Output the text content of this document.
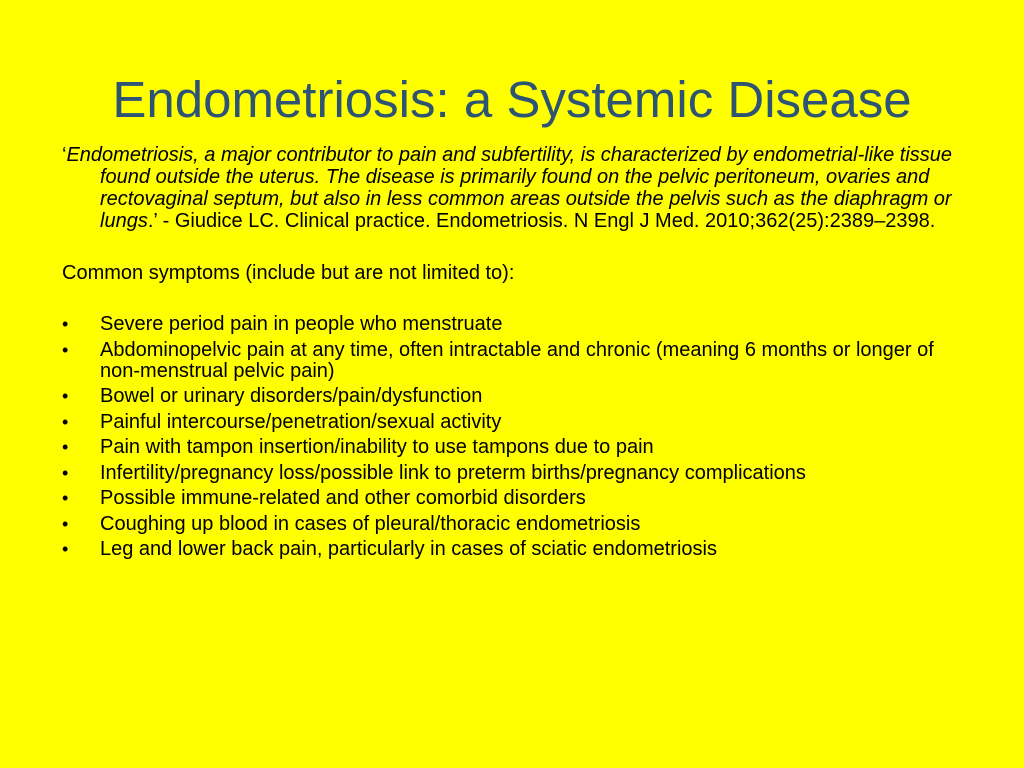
Endometriosis: a Systemic Disease

‘Endometriosis, a major contributor to pain and subfertility, is characterized by endometrial-like tissue found outside the uterus. The disease is primarily found on the pelvic peritoneum, ovaries and rectovaginal septum, but also in less common areas outside the pelvis such as the diaphragm or lungs.’ - Giudice LC. Clinical practice. Endometriosis. N Engl J Med. 2010;362(25):2389–2398.

Common symptoms (include but are not limited to):

• Severe period pain in people who menstruate
• Abdominopelvic pain at any time, often intractable and chronic (meaning 6 months or longer of non-menstrual pelvic pain)
• Bowel or urinary disorders/pain/dysfunction
• Painful intercourse/penetration/sexual activity
• Pain with tampon insertion/inability to use tampons due to pain
• Infertility/pregnancy loss/possible link to preterm births/pregnancy complications
• Possible immune-related and other comorbid disorders
• Coughing up blood in cases of pleural/thoracic endometriosis
• Leg and lower back pain, particularly in cases of sciatic endometriosis
